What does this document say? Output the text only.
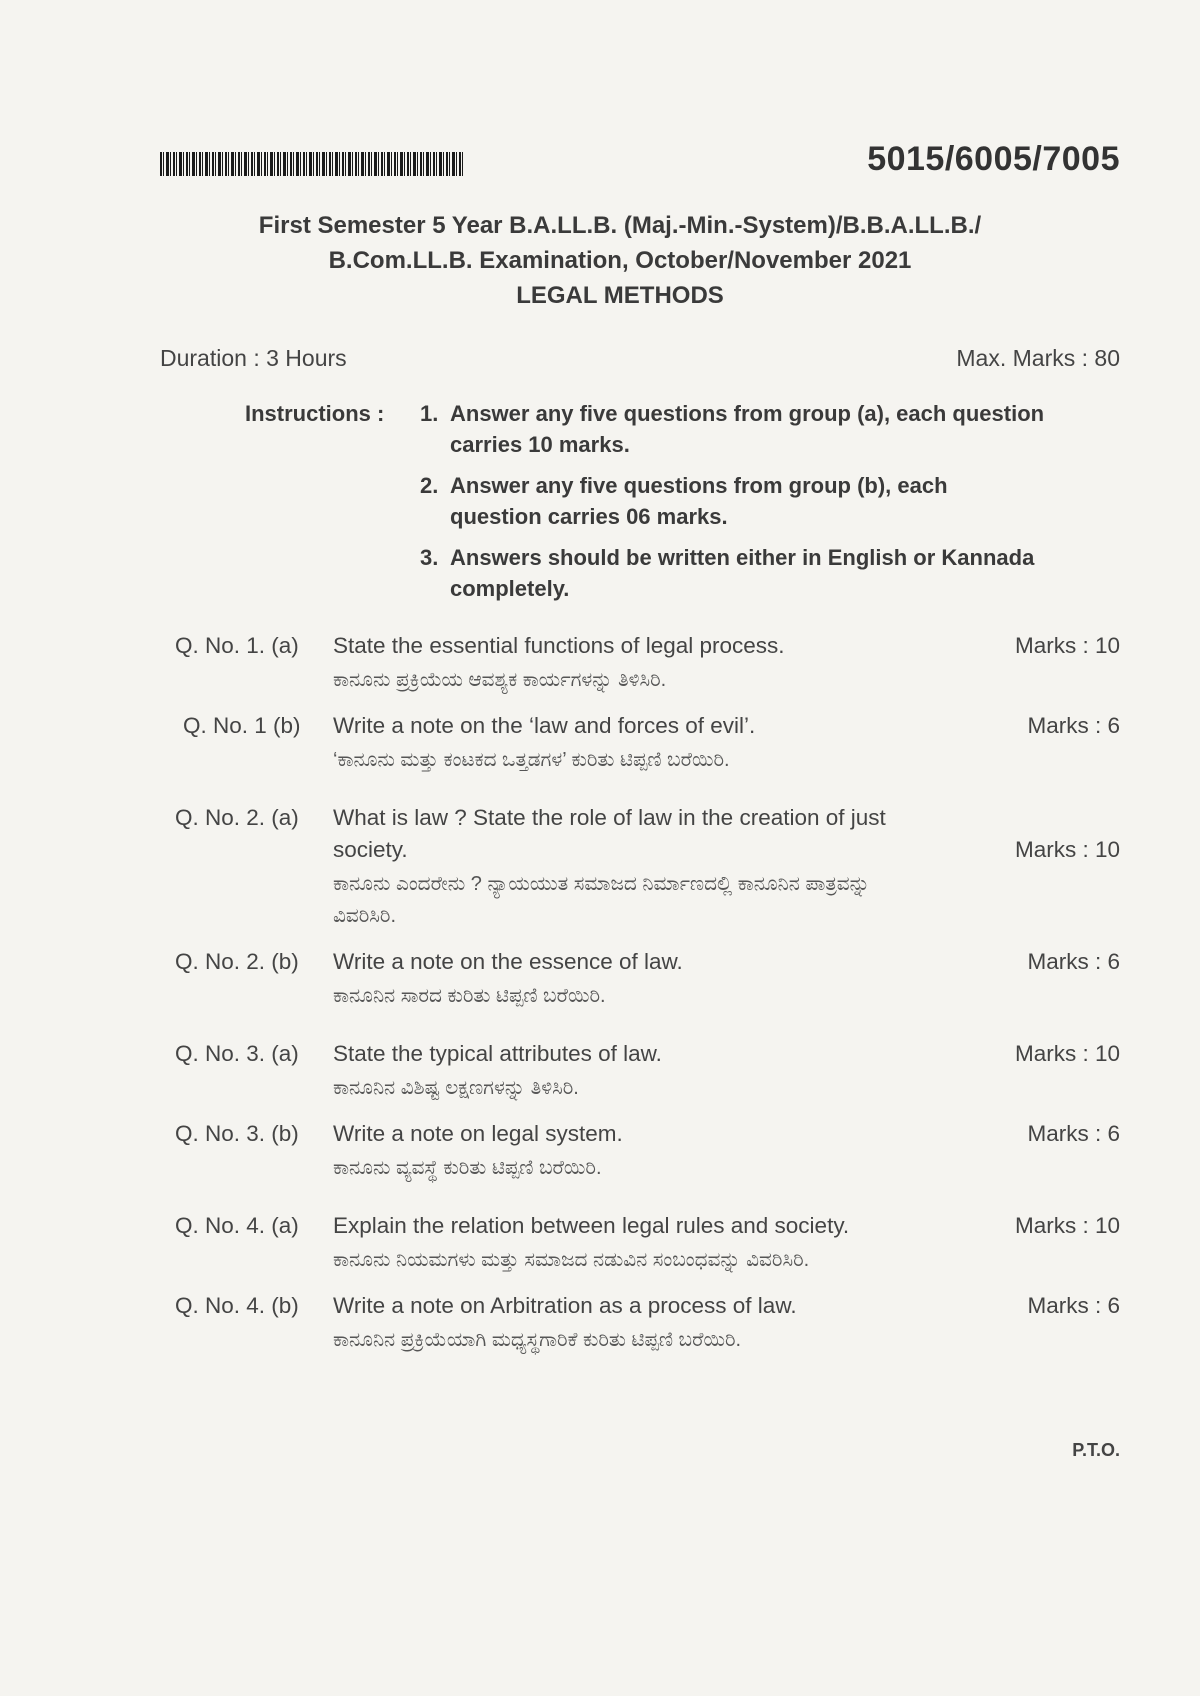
5015/6005/7005
First Semester 5 Year B.A.LL.B. (Maj.-Min.-System)/B.B.A.LL.B./
B.Com.LL.B. Examination, October/November 2021
LEGAL METHODS
Duration : 3 Hours	Max. Marks : 80
Instructions : 1. Answer any five questions from group (a), each question carries 10 marks.
2. Answer any five questions from group (b), each question carries 06 marks.
3. Answers should be written either in English or Kannada completely.
Q. No. 1. (a)	Marks : 10
State the essential functions of legal process.
ಕಾನೂನು ಪ್ರಕ್ರಿಯೆಯ ಆವಶ್ಯಕ ಕಾರ್ಯಗಳನ್ನು ತಿಳಿಸಿರಿ.
Q. No. 1 (b)	Marks : 6
Write a note on the ‘law and forces of evil’.
‘ಕಾನೂನು ಮತ್ತು ಕಂಟಕದ ಒತ್ತಡಗಳ’ ಕುರಿತು ಟಿಪ್ಪಣಿ ಬರೆಯಿರಿ.
Q. No. 2. (a)
Marks : 10
What is law ? State the role of law in the creation of just society.
ಕಾನೂನು ಎಂದರೇನು ? ನ್ಯಾಯಯುತ ಸಮಾಜದ ನಿರ್ಮಾಣದಲ್ಲಿ ಕಾನೂನಿನ ಪಾತ್ರವನ್ನು ವಿವರಿಸಿರಿ.
Q. No. 2. (b)	Marks : 6
Write a note on the essence of law.
ಕಾನೂನಿನ ಸಾರದ ಕುರಿತು ಟಿಪ್ಪಣಿ ಬರೆಯಿರಿ.
Q. No. 3. (a)	Marks : 10
State the typical attributes of law.
ಕಾನೂನಿನ ವಿಶಿಷ್ಟ ಲಕ್ಷಣಗಳನ್ನು ತಿಳಿಸಿರಿ.
Q. No. 3. (b)	Marks : 6
Write a note on legal system.
ಕಾನೂನು ವ್ಯವಸ್ಥೆ ಕುರಿತು ಟಿಪ್ಪಣಿ ಬರೆಯಿರಿ.
Q. No. 4. (a)	Marks : 10
Explain the relation between legal rules and society.
ಕಾನೂನು ನಿಯಮಗಳು ಮತ್ತು ಸಮಾಜದ ನಡುವಿನ ಸಂಬಂಧವನ್ನು ವಿವರಿಸಿರಿ.
Q. No. 4. (b)	Marks : 6
Write a note on Arbitration as a process of law.
ಕಾನೂನಿನ ಪ್ರಕ್ರಿಯೆಯಾಗಿ ಮಧ್ಯಸ್ಥಗಾರಿಕೆ ಕುರಿತು ಟಿಪ್ಪಣಿ ಬರೆಯಿರಿ.
P.T.O.
